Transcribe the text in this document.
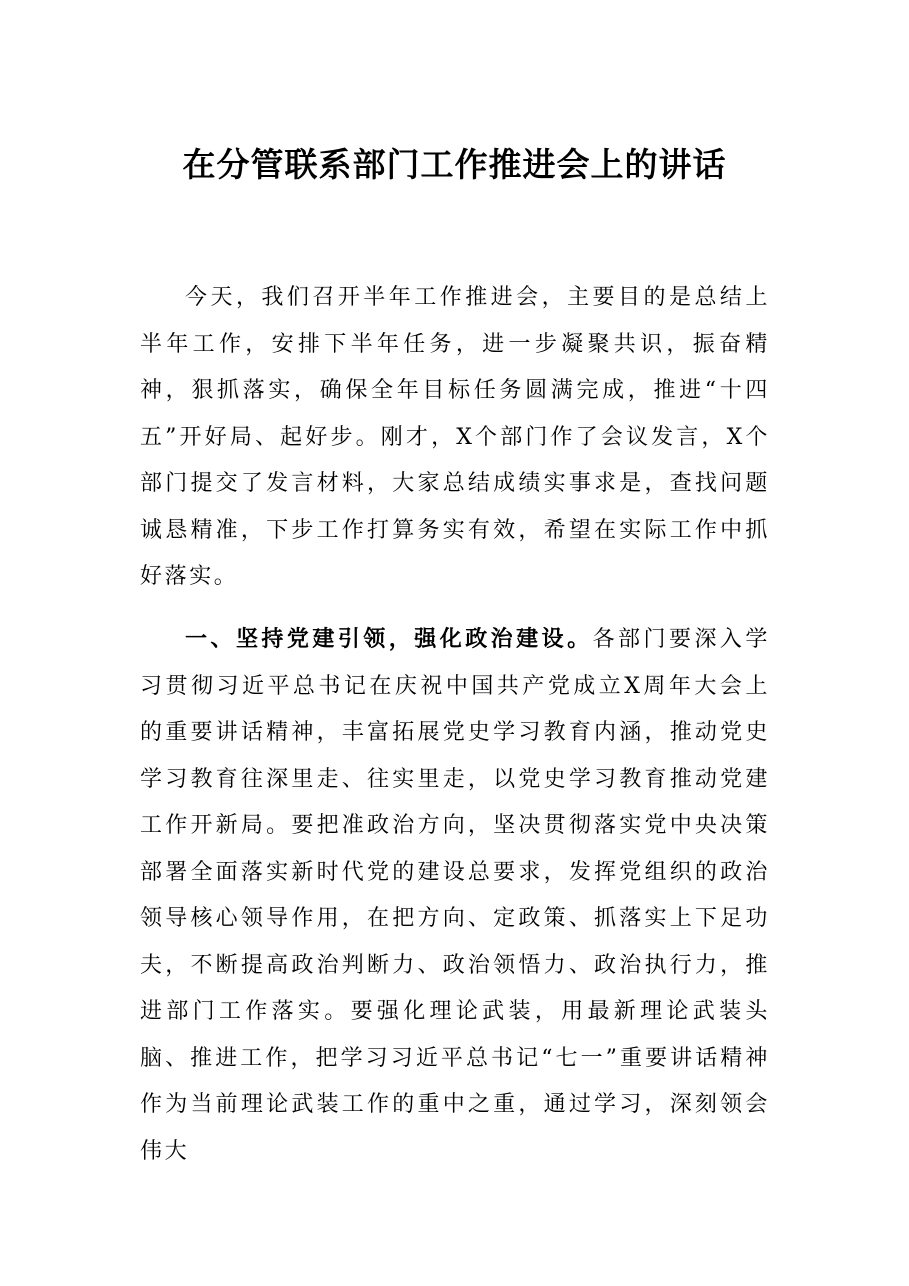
在分管联系部门工作推进会上的讲话

今天，我们召开半年工作推进会，主要目的是总结上半年工作，安排下半年任务，进一步凝聚共识，振奋精神，狠抓落实，确保全年目标任务圆满完成，推进“十四五”开好局、起好步。刚才，X个部门作了会议发言，X个部门提交了发言材料，大家总结成绩实事求是，查找问题诚恳精准，下步工作打算务实有效，希望在实际工作中抓好落实。

一、坚持党建引领，强化政治建设。各部门要深入学习贯彻习近平总书记在庆祝中国共产党成立X周年大会上的重要讲话精神，丰富拓展党史学习教育内涵，推动党史学习教育往深里走、往实里走，以党史学习教育推动党建工作开新局。要把准政治方向，坚决贯彻落实党中央决策部署全面落实新时代党的建设总要求，发挥党组织的政治领导核心领导作用，在把方向、定政策、抓落实上下足功夫，不断提高政治判断力、政治领悟力、政治执行力，推进部门工作落实。要强化理论武装，用最新理论武装头脑、推进工作，把学习习近平总书记“七一”重要讲话精神作为当前理论武装工作的重中之重，通过学习，深刻领会伟大
